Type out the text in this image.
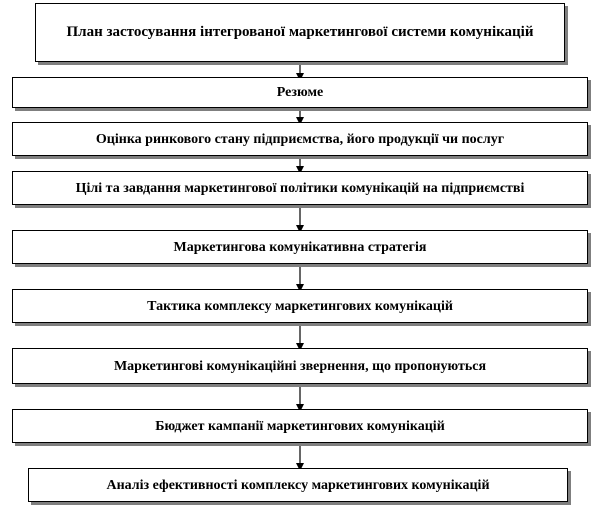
План застосування інтегрованої маркетингової системи комунікацій
Резюме
Оцінка ринкового стану підприємства, його продукції чи послуг
Цілі та завдання маркетингової політики комунікацій на підприємстві
Маркетингова комунікативна стратегія
Тактика комплексу маркетингових комунікацій
Маркетингові комунікаційні звернення, що пропонуються
Бюджет кампанії маркетингових комунікацій
Аналіз ефективності комплексу маркетингових комунікацій
